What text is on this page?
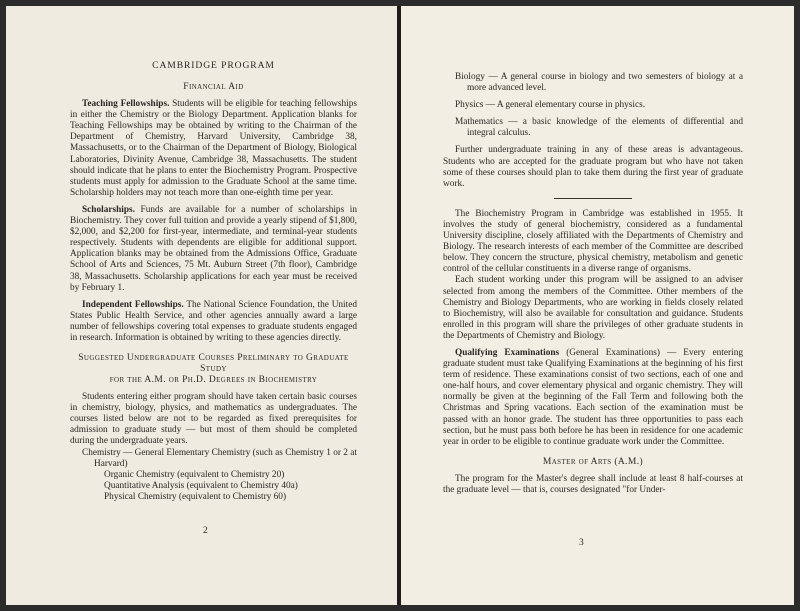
CAMBRIDGE PROGRAM

Financial Aid

Teaching Fellowships. Students will be eligible for teaching fellowships in either the Chemistry or the Biology Department. Application blanks for Teaching Fellowships may be obtained by writing to the Chairman of the Department of Chemistry, Harvard University, Cambridge 38, Massachusetts, or to the Chairman of the Department of Biology, Biological Laboratories, Divinity Avenue, Cambridge 38, Massachusetts. The student should indicate that he plans to enter the Biochemistry Program. Prospective students must apply for admission to the Graduate School at the same time. Scholarship holders may not teach more than one-eighth time per year.

Scholarships. Funds are available for a number of scholarships in Biochemistry. They cover full tuition and provide a yearly stipend of $1,800, $2,000, and $2,200 for first-year, intermediate, and terminal-year students respectively. Students with dependents are eligible for additional support. Application blanks may be obtained from the Admissions Office, Graduate School of Arts and Sciences, 75 Mt. Auburn Street (7th floor), Cambridge 38, Massachusetts. Scholarship applications for each year must be received by February 1.

Independent Fellowships. The National Science Foundation, the United States Public Health Service, and other agencies annually award a large number of fellowships covering total expenses to graduate students engaged in research. Information is obtained by writing to these agencies directly.

Suggested Undergraduate Courses Preliminary to Graduate Study

for the A.M. or Ph.D. Degrees in Biochemistry

Students entering either program should have taken certain basic courses in chemistry, biology, physics, and mathematics as undergraduates. The courses listed below are not to be regarded as fixed prerequisites for admission to graduate study — but most of them should be completed during the undergraduate years.

Chemistry — General Elementary Chemistry (such as Chemistry 1 or 2 at Harvard)

Organic Chemistry (equivalent to Chemistry 20)

Quantitative Analysis (equivalent to Chemistry 40a)

Physical Chemistry (equivalent to Chemistry 60)

2

Biology — A general course in biology and two semesters of biology at a more advanced level.

Physics — A general elementary course in physics.

Mathematics — a basic knowledge of the elements of differential and integral calculus.

Further undergraduate training in any of these areas is advantageous. Students who are accepted for the graduate program but who have not taken some of these courses should plan to take them during the first year of graduate work.

The Biochemistry Program in Cambridge was established in 1955. It involves the study of general biochemistry, considered as a fundamental University discipline, closely affiliated with the Departments of Chemistry and Biology. The research interests of each member of the Committee are described below. They concern the structure, physical chemistry, metabolism and genetic control of the cellular constituents in a diverse range of organisms.

Each student working under this program will be assigned to an adviser selected from among the members of the Committee. Other members of the Chemistry and Biology Departments, who are working in fields closely related to Biochemistry, will also be available for consultation and guidance. Students enrolled in this program will share the privileges of other graduate students in the Departments of Chemistry and Biology.

Qualifying Examinations (General Examinations) — Every entering graduate student must take Qualifying Examinations at the beginning of his first term of residence. These examinations consist of two sections, each of one and one-half hours, and cover elementary physical and organic chemistry. They will normally be given at the beginning of the Fall Term and following both the Christmas and Spring vacations. Each section of the examination must be passed with an honor grade. The student has three opportunities to pass each section, but he must pass both before he has been in residence for one academic year in order to be eligible to continue graduate work under the Committee.

Master of Arts (A.M.)

The program for the Master's degree shall include at least 8 half-courses at the graduate level — that is, courses designated "for Under-

3
